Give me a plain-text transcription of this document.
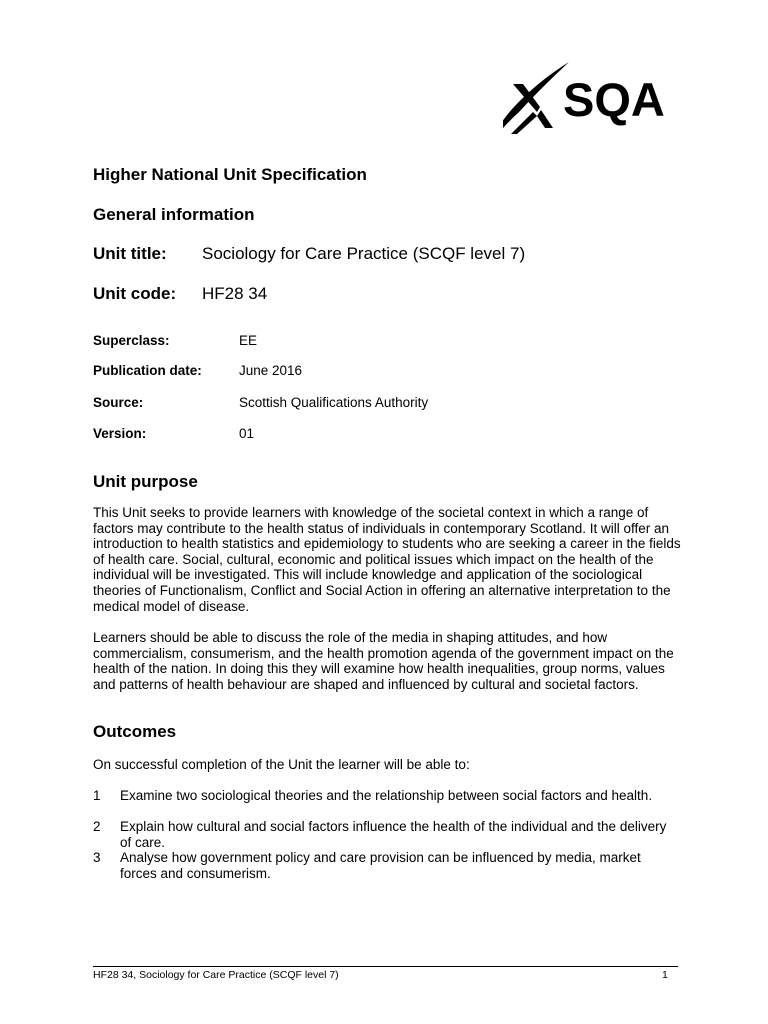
SQA
Higher National Unit Specification
General information
Unit title: Sociology for Care Practice (SCQF level 7)
Unit code: HF28 34
Superclass:	EE
Publication date:	June 2016
Source:	Scottish Qualifications Authority
Version:	01
Unit purpose

This Unit seeks to provide learners with knowledge of the societal context in which a range of factors may contribute to the health status of individuals in contemporary Scotland. It will offer an introduction to health statistics and epidemiology to students who are seeking a career in the fields of health care. Social, cultural, economic and political issues which impact on the health of the individual will be investigated. This will include knowledge and application of the sociological theories of Functionalism, Conflict and Social Action in offering an alternative interpretation to the medical model of disease.

Learners should be able to discuss the role of the media in shaping attitudes, and how commercialism, consumerism, and the health promotion agenda of the government impact on the health of the nation. In doing this they will examine how health inequalities, group norms, values and patterns of health behaviour are shaped and influenced by cultural and societal factors.

Outcomes

On successful completion of the Unit the learner will be able to:

1 Examine two sociological theories and the relationship between social factors and health.
2 Explain how cultural and social factors influence the health of the individual and the delivery of care.
3 Analyse how government policy and care provision can be influenced by media, market forces and consumerism.
HF28 34, Sociology for Care Practice (SCQF level 7)	1
